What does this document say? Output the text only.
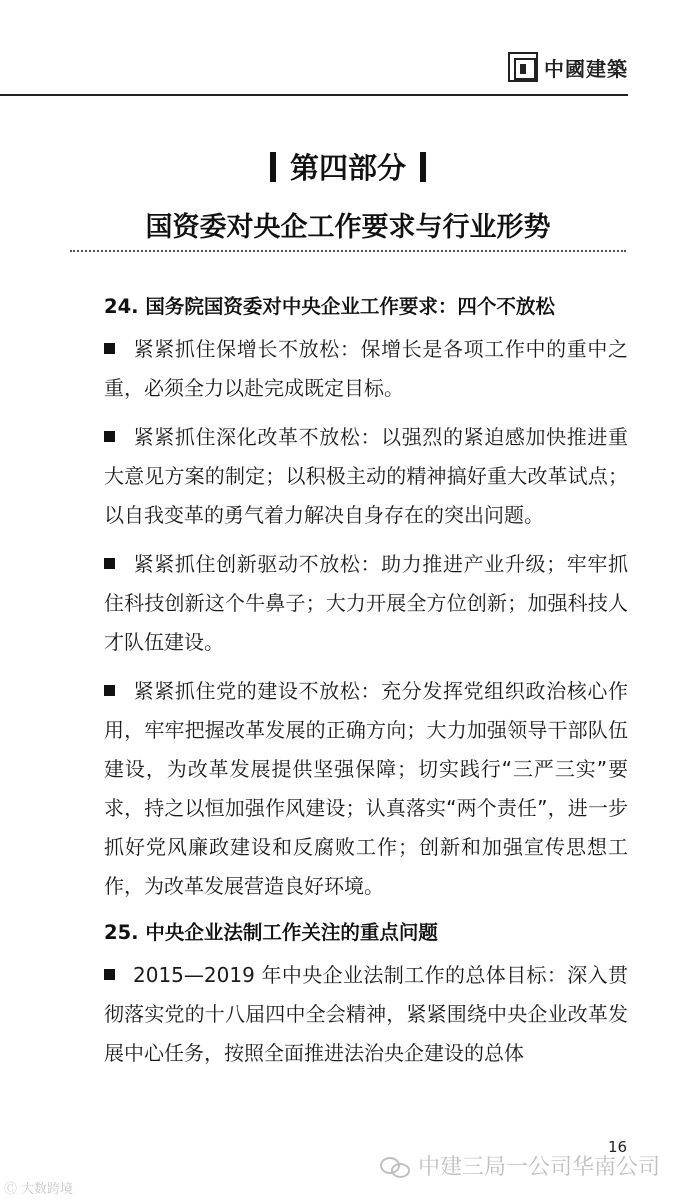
中國建築
第四部分
国资委对央企工作要求与行业形势
24. 国务院国资委对中央企业工作要求：四个不放松

紧紧抓住保增长不放松：保增长是各项工作中的重中之重，必须全力以赴完成既定目标。

紧紧抓住深化改革不放松：以强烈的紧迫感加快推进重大意见方案的制定；以积极主动的精神搞好重大改革试点；以自我变革的勇气着力解决自身存在的突出问题。

紧紧抓住创新驱动不放松：助力推进产业升级；牢牢抓住科技创新这个牛鼻子；大力开展全方位创新；加强科技人才队伍建设。

紧紧抓住党的建设不放松：充分发挥党组织政治核心作用，牢牢把握改革发展的正确方向；大力加强领导干部队伍建设，为改革发展提供坚强保障；切实践行“三严三实”要求，持之以恒加强作风建设；认真落实“两个责任”，进一步抓好党风廉政建设和反腐败工作；创新和加强宣传思想工作，为改革发展营造良好环境。

25. 中央企业法制工作关注的重点问题

2015—2019 年中央企业法制工作的总体目标：深入贯彻落实党的十八届四中全会精神，紧紧围绕中央企业改革发展中心任务，按照全面推进法治央企建设的总体

16
中建三局一公司华南公司
Ⓒ 大数跨境
